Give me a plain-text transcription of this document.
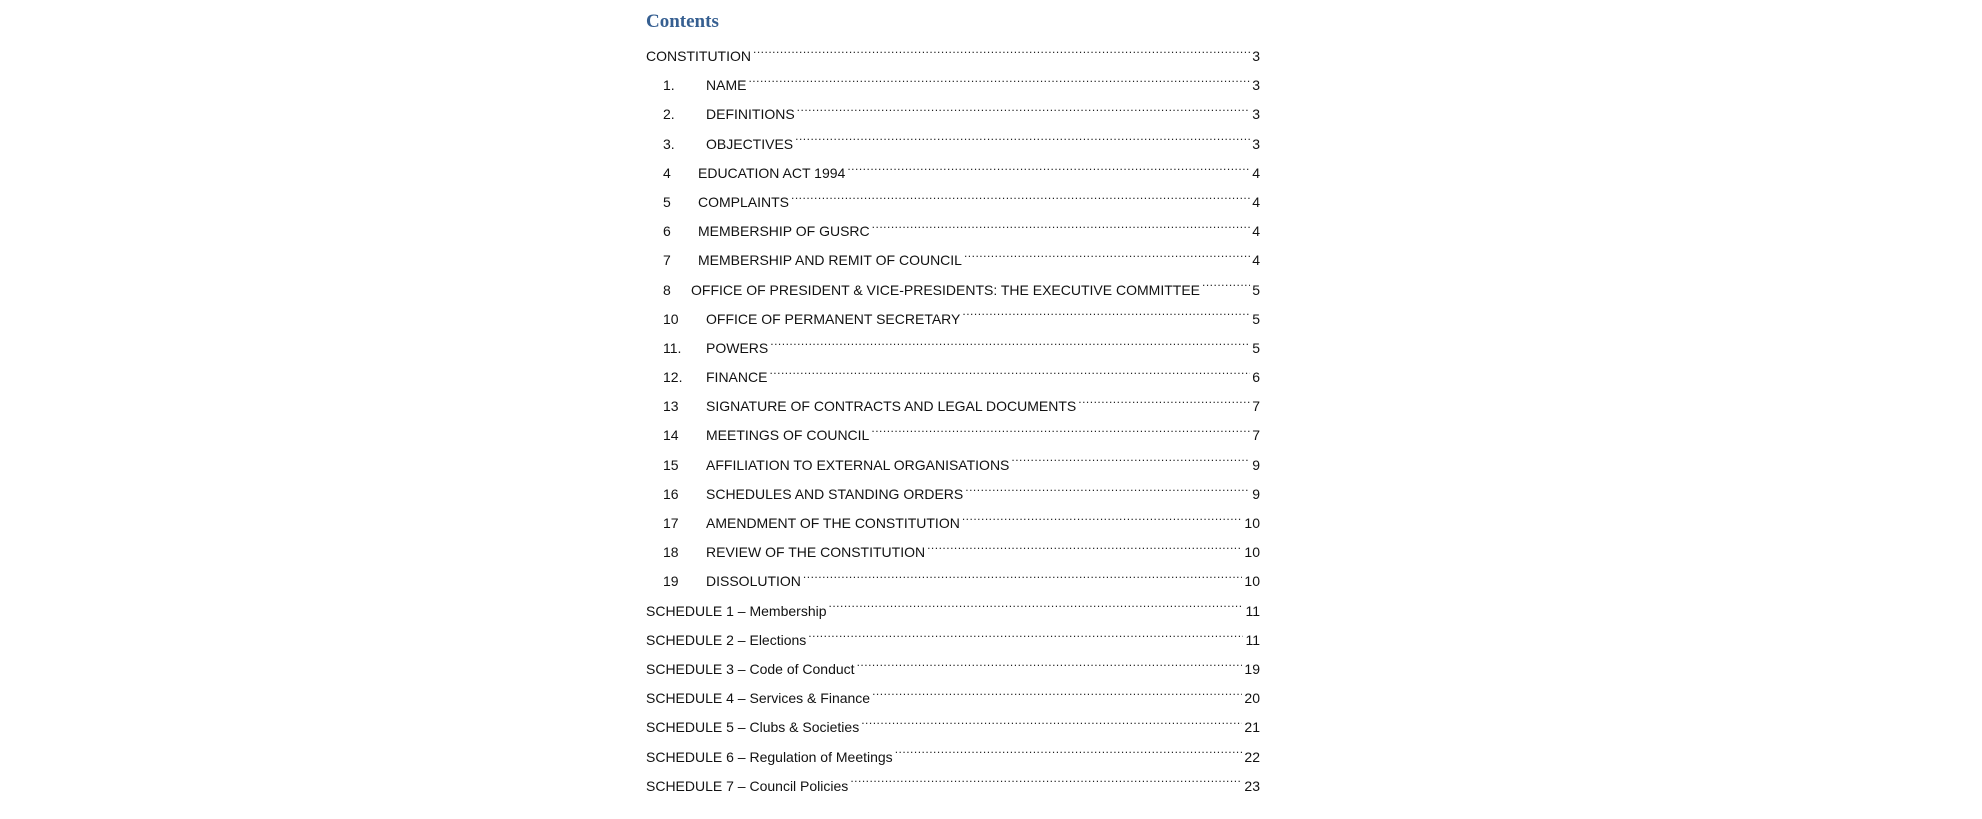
Contents
CONSTITUTION .....	3
1.	NAME .....	3
2.	DEFINITIONS .....	3
3.	OBJECTIVES .....	3
4	EDUCATION ACT 1994 .....	4
5	COMPLAINTS .....	4
6	MEMBERSHIP OF GUSRC .....	4
7	MEMBERSHIP AND REMIT OF COUNCIL .....	4
8	OFFICE OF PRESIDENT & VICE-PRESIDENTS: THE EXECUTIVE COMMITTEE .....	5
10	OFFICE OF PERMANENT SECRETARY .....	5
11.	POWERS .....	5
12.	FINANCE .....	6
13	SIGNATURE OF CONTRACTS AND LEGAL DOCUMENTS .....	7
14	MEETINGS OF COUNCIL .....	7
15	AFFILIATION TO EXTERNAL ORGANISATIONS .....	9
16	SCHEDULES AND STANDING ORDERS .....	9
17	AMENDMENT OF THE CONSTITUTION .....	10
18	REVIEW OF THE CONSTITUTION .....	10
19	DISSOLUTION .....	10
SCHEDULE 1 – Membership .....	11
SCHEDULE 2 – Elections .....	11
SCHEDULE 3 – Code of Conduct .....	19
SCHEDULE 4 – Services & Finance .....	20
SCHEDULE 5 – Clubs & Societies .....	21
SCHEDULE 6 – Regulation of Meetings .....	22
SCHEDULE 7 – Council Policies .....	23
